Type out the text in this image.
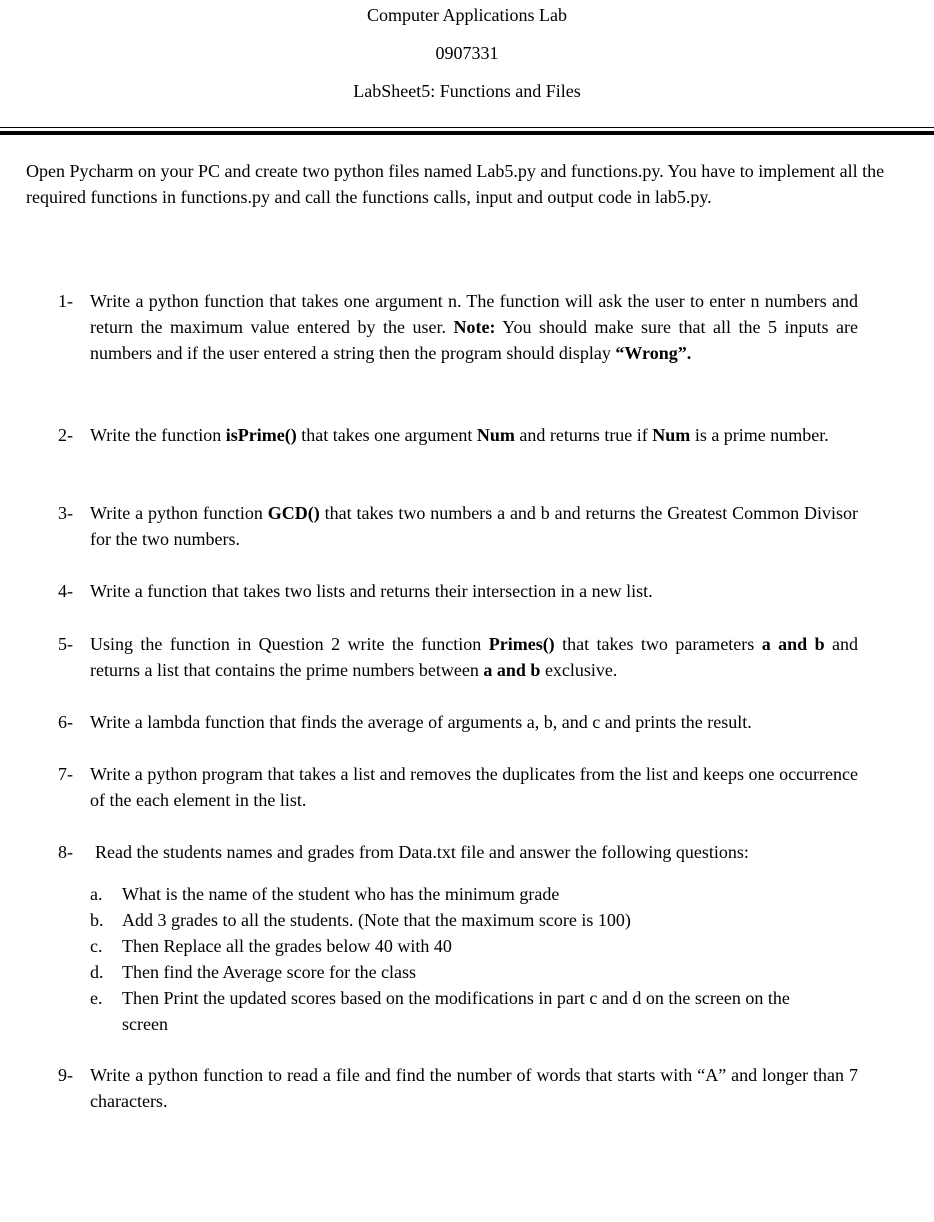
Computer Applications Lab
0907331
LabSheet5: Functions and Files
Open Pycharm on your PC and create two python files named Lab5.py and functions.py. You have to implement all the required functions in functions.py and call the functions calls, input and output code in lab5.py.
1- Write a python function that takes one argument n. The function will ask the user to enter n numbers and return the maximum value entered by the user. Note: You should make sure that all the 5 inputs are numbers and if the user entered a string then the program should display “Wrong”.
2- Write the function isPrime() that takes one argument Num and returns true if Num is a prime number.
3- Write a python function GCD() that takes two numbers a and b and returns the Greatest Common Divisor for the two numbers.
4- Write a function that takes two lists and returns their intersection in a new list.
5- Using the function in Question 2 write the function Primes() that takes two parameters a and b and returns a list that contains the prime numbers between a and b exclusive.
6- Write a lambda function that finds the average of arguments a, b, and c and prints the result.
7- Write a python program that takes a list and removes the duplicates from the list and keeps one occurrence of the each element in the list.
8- Read the students names and grades from Data.txt file and answer the following questions:
a. What is the name of the student who has the minimum grade
b. Add 3 grades to all the students. (Note that the maximum score is 100)
c. Then Replace all the grades below 40 with 40
d. Then find the Average score for the class
e. Then Print the updated scores based on the modifications in part c and d on the screen on the screen
9- Write a python function to read a file and find the number of words that starts with “A” and longer than 7 characters.
